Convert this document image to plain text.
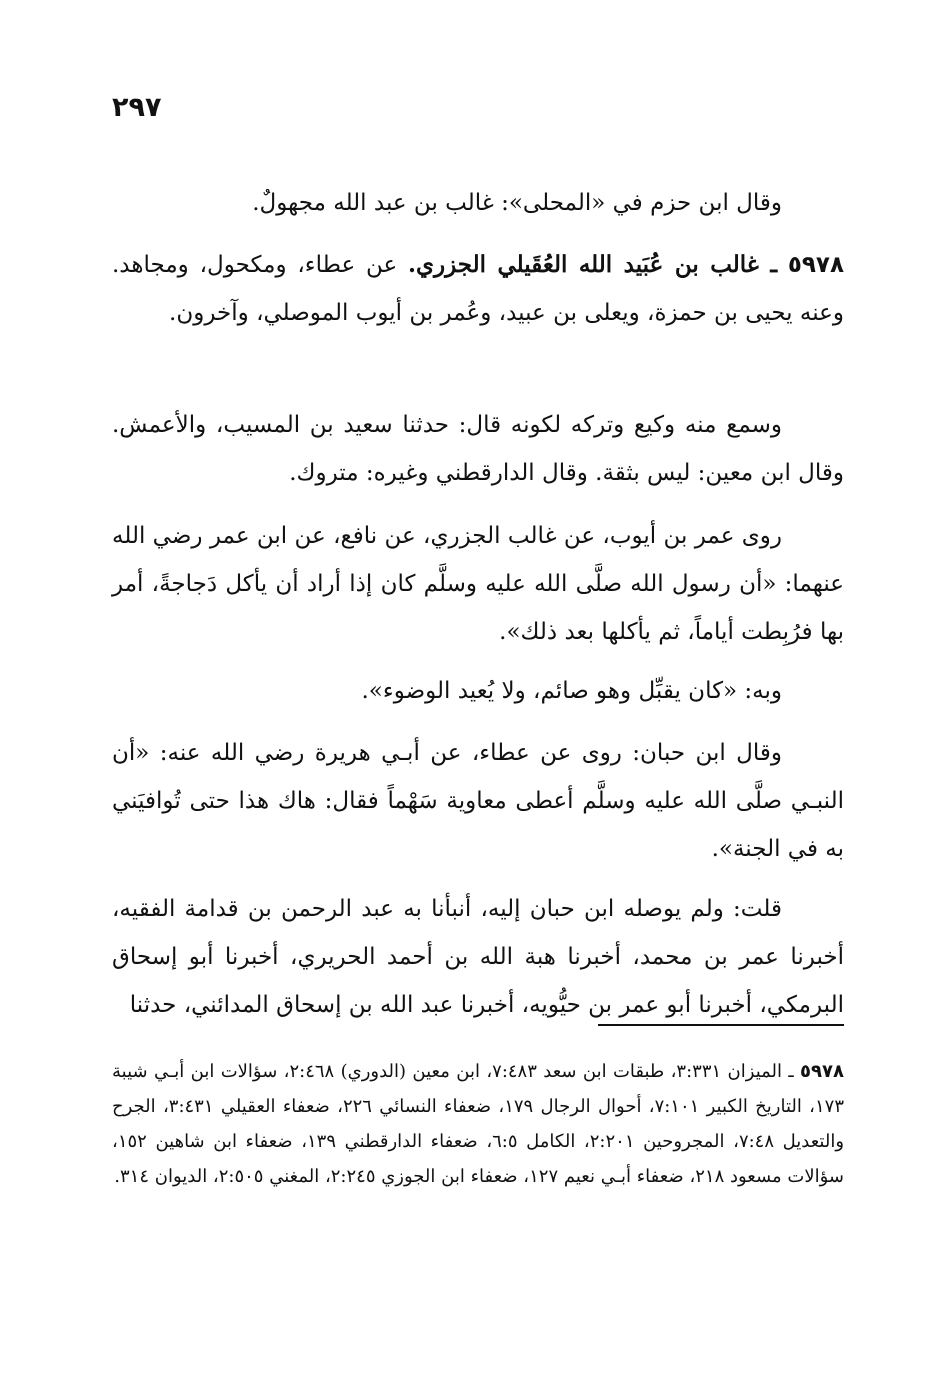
٢٩٧

وقال ابن حزم في «المحلى»: غالب بن عبد الله مجهولٌ.

٥٩٧٨ ـ غالب بن عُبَيد الله العُقَيلي الجزري. عن عطاء، ومكحول، ومجاهد. وعنه يحيى بن حمزة، ويعلى بن عبيد، وعُمر بن أيوب الموصلي، وآخرون.

وسمع منه وكيع وتركه لكونه قال: حدثنا سعيد بن المسيب، والأعمش. وقال ابن معين: ليس بثقة. وقال الدارقطني وغيره: متروك.

روى عمر بن أيوب، عن غالب الجزري، عن نافع، عن ابن عمر رضي الله عنهما: «أن رسول الله صلَّى الله عليه وسلَّم كان إذا أراد أن يأكل دَجاجةً، أمر بها فرُبِطت أياماً، ثم يأكلها بعد ذلك».

وبه: «كان يقبِّل وهو صائم، ولا يُعيد الوضوء».

وقال ابن حبان: روى عن عطاء، عن أبـي هريرة رضي الله عنه: «أن النبـي صلَّى الله عليه وسلَّم أعطى معاوية سَهْماً فقال: هاك هذا حتى تُوافيَني به في الجنة».

قلت: ولم يوصله ابن حبان إليه، أنبأنا به عبد الرحمن بن قدامة الفقيه، أخبرنا عمر بن محمد، أخبرنا هبة الله بن أحمد الحريري، أخبرنا أبو إسحاق البرمكي، أخبرنا أبو عمر بن حيُّويه، أخبرنا عبد الله بن إسحاق المدائني، حدثنا

٥٩٧٨ ـ الميزان ٣:٣٣١، طبقات ابن سعد ٧:٤٨٣، ابن معين (الدوري) ٢:٤٦٨، سؤالات ابن أبـي شيبة ١٧٣، التاريخ الكبير ٧:١٠١، أحوال الرجال ١٧٩، ضعفاء النسائي ٢٢٦، ضعفاء العقيلي ٣:٤٣١، الجرح والتعديل ٧:٤٨، المجروحين ٢:٢٠١، الكامل ٦:٥، ضعفاء الدارقطني ١٣٩، ضعفاء ابن شاهين ١٥٢، سؤالات مسعود ٢١٨، ضعفاء أبـي نعيم ١٢٧، ضعفاء ابن الجوزي ٢:٢٤٥، المغني ٢:٥٠٥، الديوان ٣١٤.
